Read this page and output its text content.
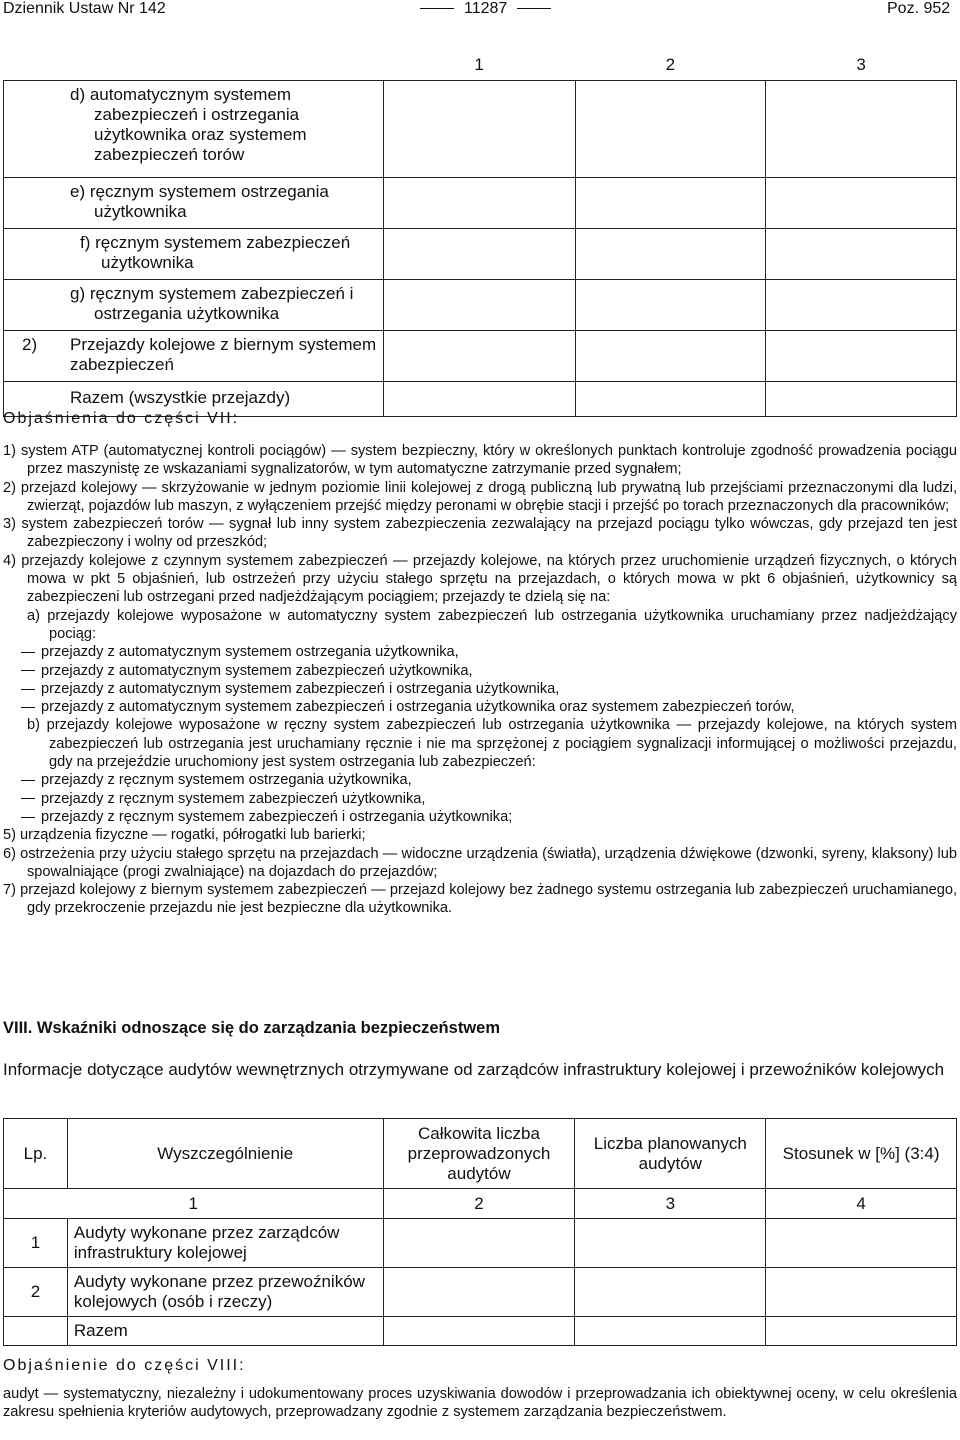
Dziennik Ustaw Nr 142	11287	Poz. 952
	1	2	3
d) automatycznym systemem zabezpieczeń i ostrzegania użytkownika oraz systemem zabezpieczeń torów			
e) ręcznym systemem ostrzegania użytkownika			
f) ręcznym systemem zabezpieczeń użytkownika			
g) ręcznym systemem zabezpieczeń i ostrzegania użytkownika			

2) Przejazdy kolejowe z biernym systemem zabezpieczeń			
Razem (wszystkie przejazdy)			
Objaśnienia do części VII:

1) system ATP (automatycznej kontroli pociągów) — system bezpieczny, który w określonych punktach kontroluje zgodność prowadzenia pociągu przez maszynistę ze wskazaniami sygnalizatorów, w tym automatyczne zatrzymanie przed sygnałem;

2) przejazd kolejowy — skrzyżowanie w jednym poziomie linii kolejowej z drogą publiczną lub prywatną lub przejściami przeznaczonymi dla ludzi, zwierząt, pojazdów lub maszyn, z wyłączeniem przejść między peronami w obrębie stacji i przejść po torach przeznaczonych dla pracowników;

3) system zabezpieczeń torów — sygnał lub inny system zabezpieczenia zezwalający na przejazd pociągu tylko wówczas, gdy przejazd ten jest zabezpieczony i wolny od przeszkód;

4) przejazdy kolejowe z czynnym systemem zabezpieczeń — przejazdy kolejowe, na których przez uruchomienie urządzeń fizycznych, o których mowa w pkt 5 objaśnień, lub ostrzeżeń przy użyciu stałego sprzętu na przejazdach, o których mowa w pkt 6 objaśnień, użytkownicy są zabezpieczeni lub ostrzegani przed nadjeżdżającym pociągiem; przejazdy te dzielą się na:

a) przejazdy kolejowe wyposażone w automatyczny system zabezpieczeń lub ostrzegania użytkownika uruchamiany przez nadjeżdżający pociąg:

przejazdy z automatycznym systemem ostrzegania użytkownika,

przejazdy z automatycznym systemem zabezpieczeń użytkownika,

przejazdy z automatycznym systemem zabezpieczeń i ostrzegania użytkownika,

przejazdy z automatycznym systemem zabezpieczeń i ostrzegania użytkownika oraz systemem zabezpieczeń torów,

b) przejazdy kolejowe wyposażone w ręczny system zabezpieczeń lub ostrzegania użytkownika — przejazdy kolejowe, na których system zabezpieczeń lub ostrzegania jest uruchamiany ręcznie i nie ma sprzężonej z pociągiem sygnalizacji informującej o możliwości przejazdu, gdy na przejeździe uruchomiony jest system ostrzegania lub zabezpieczeń:

przejazdy z ręcznym systemem ostrzegania użytkownika,

przejazdy z ręcznym systemem zabezpieczeń użytkownika,

przejazdy z ręcznym systemem zabezpieczeń i ostrzegania użytkownika;

5) urządzenia fizyczne — rogatki, półrogatki lub barierki;

6) ostrzeżenia przy użyciu stałego sprzętu na przejazdach — widoczne urządzenia (światła), urządzenia dźwiękowe (dzwonki, syreny, klaksony) lub spowalniające (progi zwalniające) na dojazdach do przejazdów;

7) przejazd kolejowy z biernym systemem zabezpieczeń — przejazd kolejowy bez żadnego systemu ostrzegania lub zabezpieczeń uruchamianego, gdy przekroczenie przejazdu nie jest bezpieczne dla użytkownika.

VIII. Wskaźniki odnoszące się do zarządzania bezpieczeństwem
Informacje dotyczące audytów wewnętrznych otrzymywane od zarządców infrastruktury kolejowej i przewoźników kolejowych
Lp.	Wyszczególnienie	Całkowita liczba przeprowadzonych audytów	Liczba planowanych audytów	Stosunek w [%] (3:4)
1		2	3	4
1	Audyty wykonane przez zarządców infrastruktury kolejowej			
2	Audyty wykonane przez przewoźników kolejowych (osób i rzeczy)			
	Razem			
Objaśnienie do części VIII:
audyt — systematyczny, niezależny i udokumentowany proces uzyskiwania dowodów i przeprowadzania ich obiektywnej oceny, w celu określenia zakresu spełnienia kryteriów audytowych, przeprowadzany zgodnie z systemem zarządzania bezpieczeństwem.
